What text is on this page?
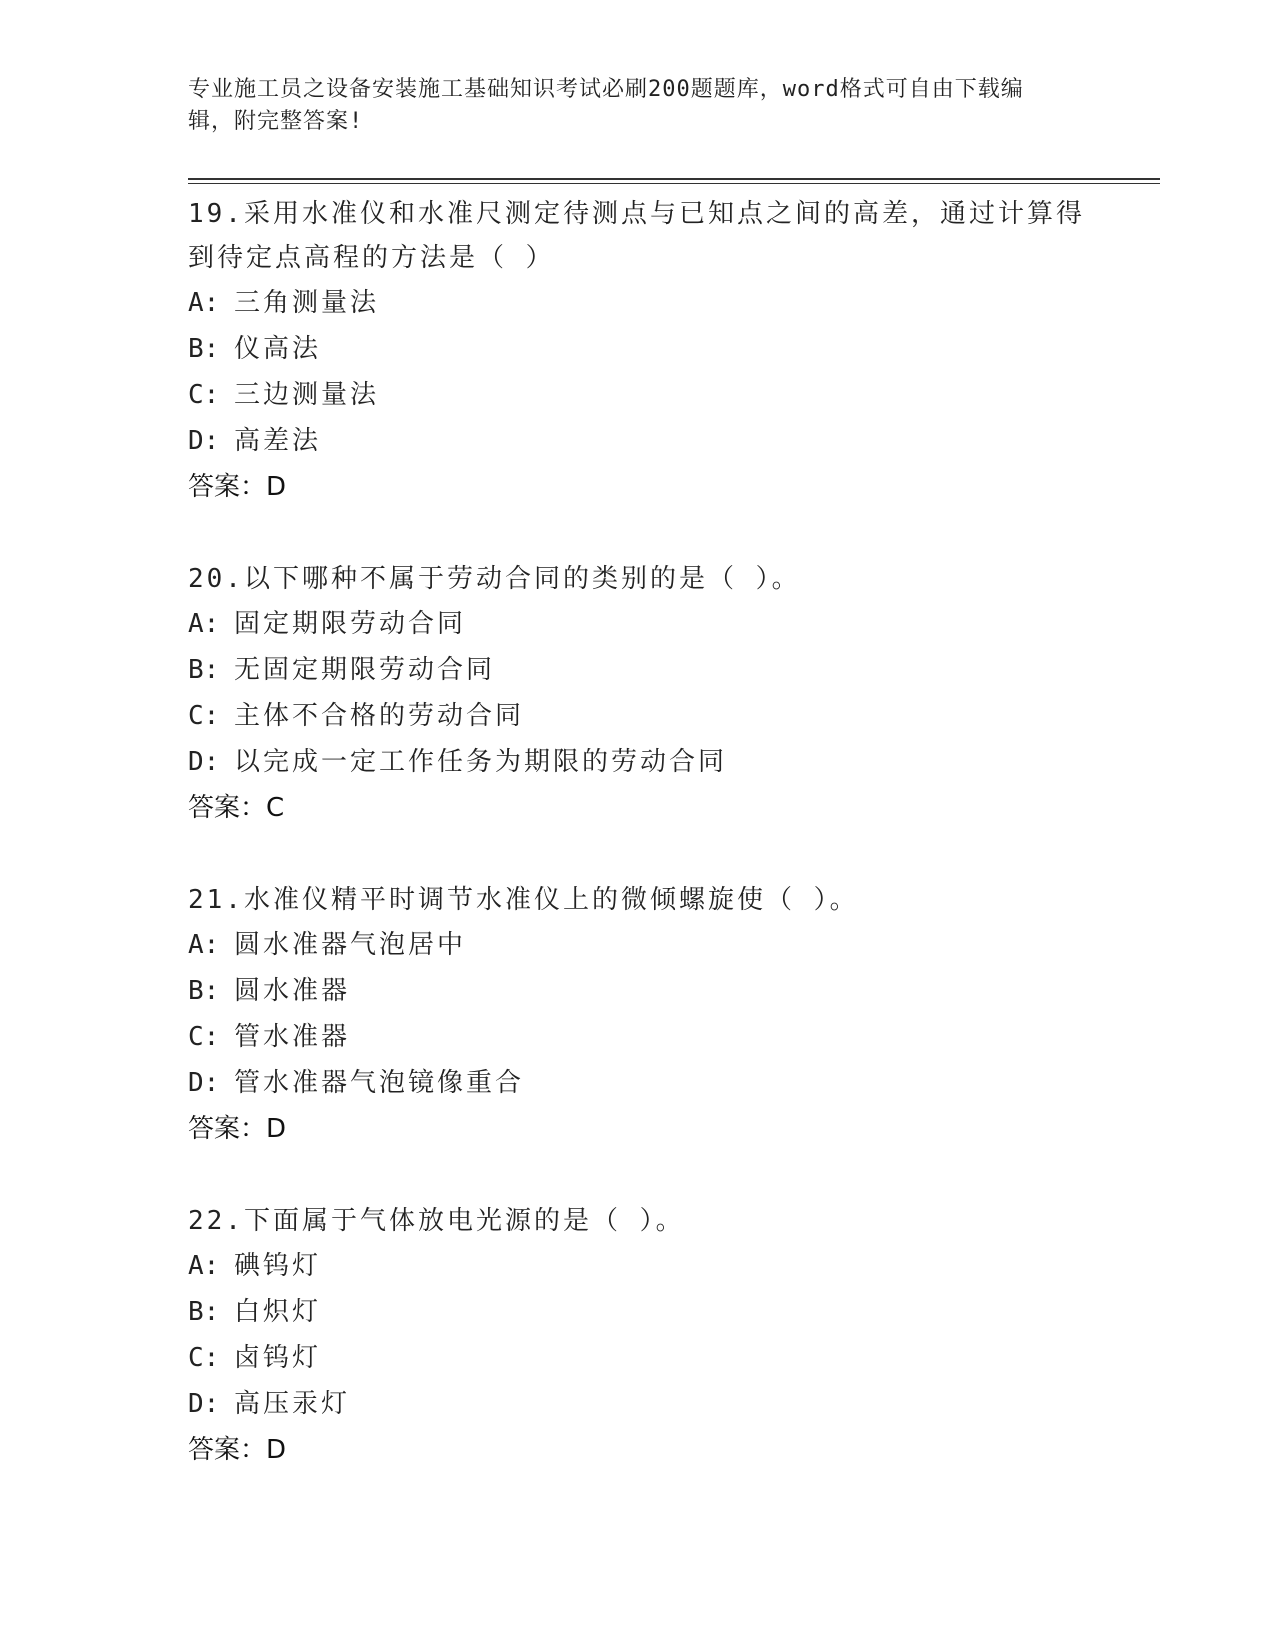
专业施工员之设备安装施工基础知识考试必刷200题题库，word格式可自由下载编辑，附完整答案!

19.采用水准仪和水准尺测定待测点与已知点之间的高差，通过计算得到待定点高程的方法是（ ）

A: 三角测量法

B: 仪高法

C: 三边测量法

D: 高差法

答案：D

20.以下哪种不属于劳动合同的类别的是（ ）。

A: 固定期限劳动合同

B: 无固定期限劳动合同

C: 主体不合格的劳动合同

D: 以完成一定工作任务为期限的劳动合同

答案：C

21.水准仪精平时调节水准仪上的微倾螺旋使（ ）。

A: 圆水准器气泡居中

B: 圆水准器

C: 管水准器

D: 管水准器气泡镜像重合

答案：D

22.下面属于气体放电光源的是（ ）。

A: 碘钨灯

B: 白炽灯

C: 卤钨灯

D: 高压汞灯

答案：D
